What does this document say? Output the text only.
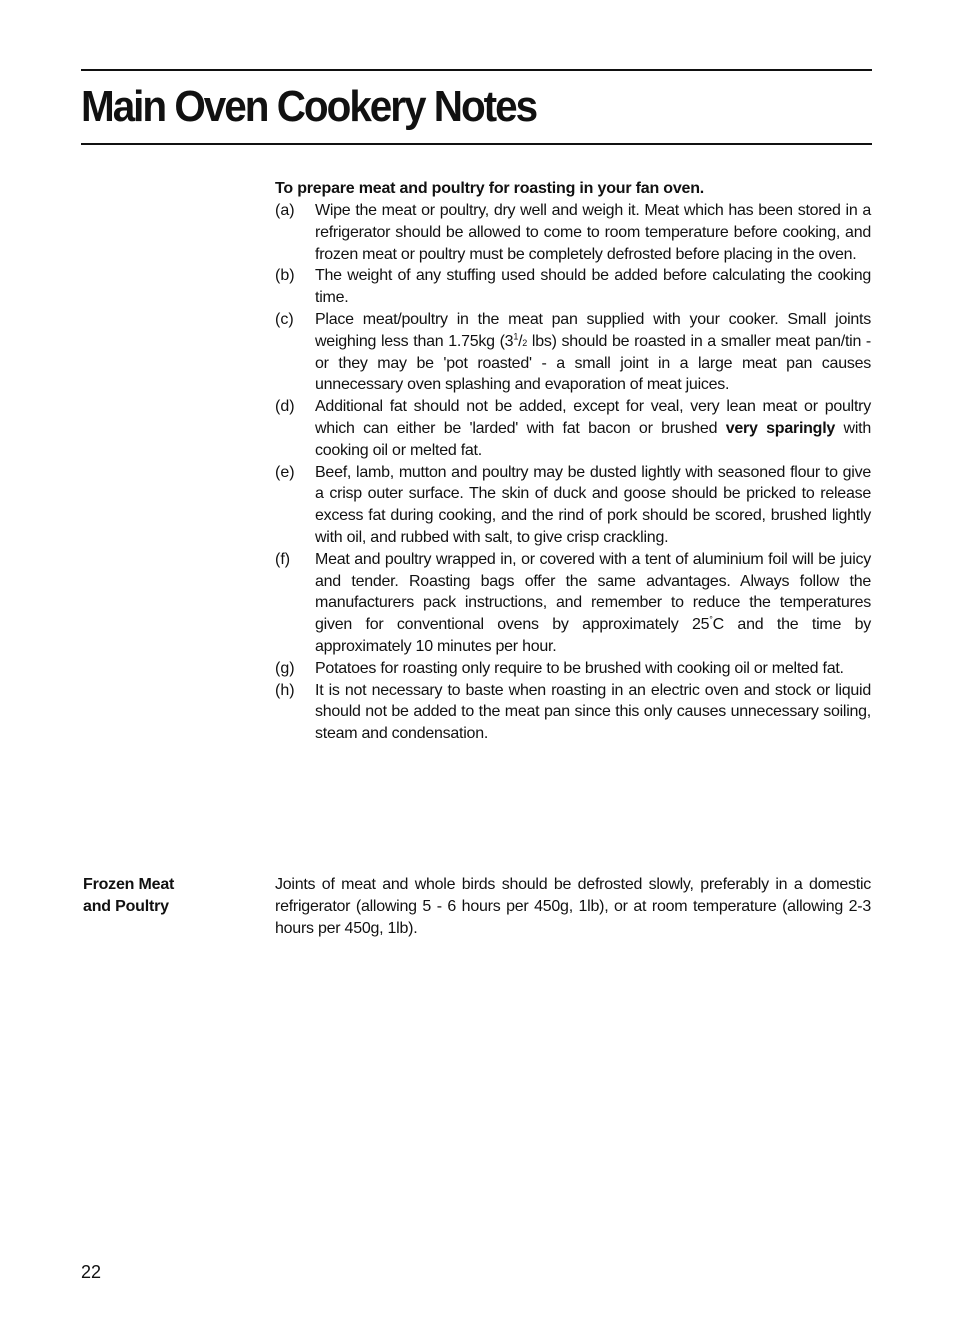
Main Oven Cookery Notes

To prepare meat and poultry for roasting in your fan oven.

(a)	Wipe the meat or poultry, dry well and weigh it. Meat which has been stored in a refrigerator should be allowed to come to room temperature before cooking, and frozen meat or poultry must be completely defrosted before placing in the oven.
(b)	The weight of any stuffing used should be added before calculating the cooking time.
(c)	Place meat/poultry in the meat pan supplied with your cooker. Small joints weighing less than 1.75kg ($3^1/2$ lbs) should be roasted in a smaller meat pan/tin - or they may be 'pot roasted' - a small joint in a large meat pan causes unnecessary oven splashing and evaporation of meat juices.
(d)	Additional fat should not be added, except for veal, very lean meat or poultry which can either be 'larded' with fat bacon or brushed very sparingly with cooking oil or melted fat.
(e)	Beef, lamb, mutton and poultry may be dusted lightly with seasoned flour to give a crisp outer surface. The skin of duck and goose should be pricked to release excess fat during cooking, and the rind of pork should be scored, brushed lightly with oil, and rubbed with salt, to give crisp crackling.
(f)	Meat and poultry wrapped in, or covered with a tent of aluminium foil will be juicy and tender. Roasting bags offer the same advantages. Always follow the manufacturers pack instructions, and remember to reduce the temperatures given for conventional ovens by approximately 25°C and the time by approximately 10 minutes per hour.
(g)	Potatoes for roasting only require to be brushed with cooking oil or melted fat.
(h)	It is not necessary to baste when roasting in an electric oven and stock or liquid should not be added to the meat pan since this only causes unnecessary soiling, steam and condensation.
Frozen Meat
and Poultry
Joints of meat and whole birds should be defrosted slowly, preferably in a domestic refrigerator (allowing 5 - 6 hours per 450g, 1lb), or at room temperature (allowing 2-3 hours per 450g, 1lb).
22
